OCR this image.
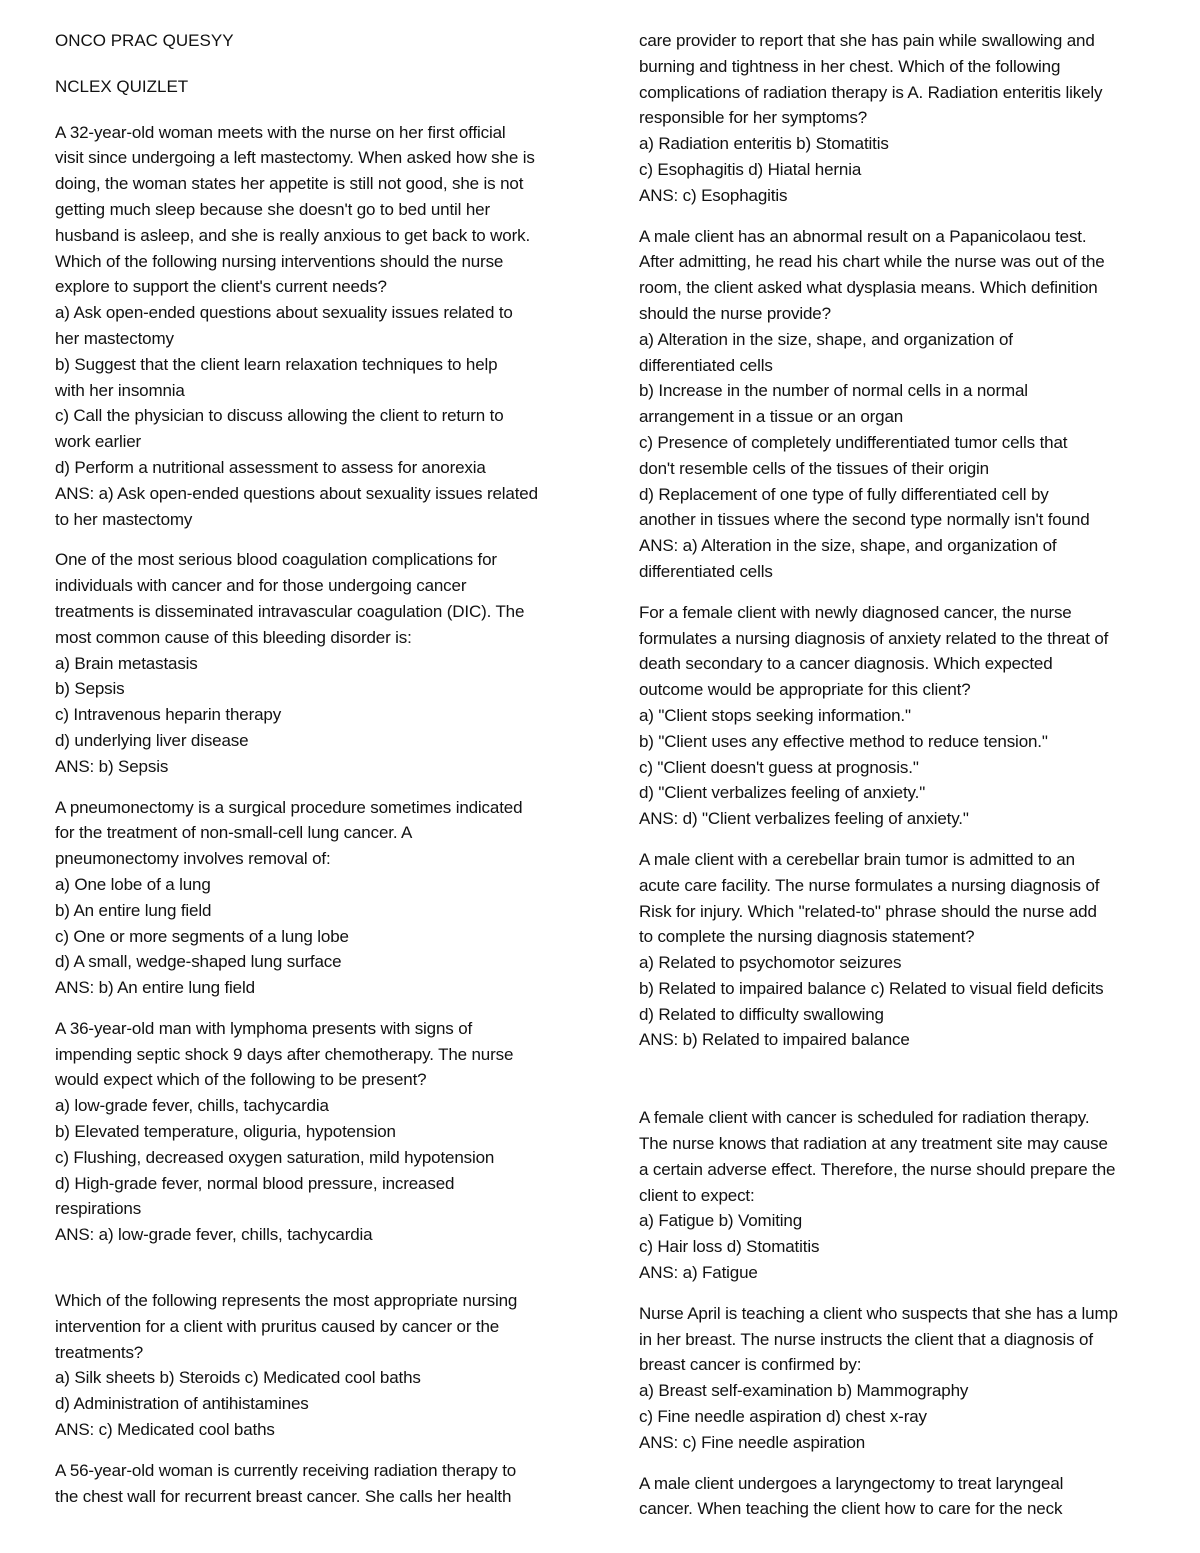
ONCO PRAC QUESYY
NCLEX QUIZLET
A 32-year-old woman meets with the nurse on her first official
visit since undergoing a left mastectomy. When asked how she is
doing, the woman states her appetite is still not good, she is not
getting much sleep because she doesn't go to bed until her
husband is asleep, and she is really anxious to get back to work.
Which of the following nursing interventions should the nurse
explore to support the client's current needs?
a) Ask open-ended questions about sexuality issues related to
her mastectomy
b) Suggest that the client learn relaxation techniques to help
with her insomnia
c) Call the physician to discuss allowing the client to return to
work earlier
d) Perform a nutritional assessment to assess for anorexia
ANS: a) Ask open-ended questions about sexuality issues related
to her mastectomy
One of the most serious blood coagulation complications for
individuals with cancer and for those undergoing cancer
treatments is disseminated intravascular coagulation (DIC). The
most common cause of this bleeding disorder is:
a) Brain metastasis
b) Sepsis
c) Intravenous heparin therapy
d) underlying liver disease
ANS: b) Sepsis
A pneumonectomy is a surgical procedure sometimes indicated
for the treatment of non-small-cell lung cancer. A
pneumonectomy involves removal of:
a) One lobe of a lung
b) An entire lung field
c) One or more segments of a lung lobe
d) A small, wedge-shaped lung surface
ANS: b) An entire lung field
A 36-year-old man with lymphoma presents with signs of
impending septic shock 9 days after chemotherapy. The nurse
would expect which of the following to be present?
a) low-grade fever, chills, tachycardia
b) Elevated temperature, oliguria, hypotension
c) Flushing, decreased oxygen saturation, mild hypotension
d) High-grade fever, normal blood pressure, increased
respirations
ANS: a) low-grade fever, chills, tachycardia
Which of the following represents the most appropriate nursing
intervention for a client with pruritus caused by cancer or the
treatments?
a) Silk sheets b) Steroids c) Medicated cool baths
d) Administration of antihistamines
ANS: c) Medicated cool baths
A 56-year-old woman is currently receiving radiation therapy to
the chest wall for recurrent breast cancer. She calls her health
care provider to report that she has pain while swallowing and
burning and tightness in her chest. Which of the following
complications of radiation therapy is A. Radiation enteritis likely
responsible for her symptoms?
a) Radiation enteritis b) Stomatitis
c) Esophagitis d) Hiatal hernia
ANS: c) Esophagitis
A male client has an abnormal result on a Papanicolaou test.
After admitting, he read his chart while the nurse was out of the
room, the client asked what dysplasia means. Which definition
should the nurse provide?
a) Alteration in the size, shape, and organization of
differentiated cells
b) Increase in the number of normal cells in a normal
arrangement in a tissue or an organ
c) Presence of completely undifferentiated tumor cells that
don't resemble cells of the tissues of their origin
d) Replacement of one type of fully differentiated cell by
another in tissues where the second type normally isn't found
ANS: a) Alteration in the size, shape, and organization of
differentiated cells
For a female client with newly diagnosed cancer, the nurse
formulates a nursing diagnosis of anxiety related to the threat of
death secondary to a cancer diagnosis. Which expected
outcome would be appropriate for this client?
a) "Client stops seeking information."
b) "Client uses any effective method to reduce tension."
c) "Client doesn't guess at prognosis."
d) "Client verbalizes feeling of anxiety."
ANS: d) "Client verbalizes feeling of anxiety."
A male client with a cerebellar brain tumor is admitted to an
acute care facility. The nurse formulates a nursing diagnosis of
Risk for injury. Which "related-to" phrase should the nurse add
to complete the nursing diagnosis statement?
a) Related to psychomotor seizures
b) Related to impaired balance c) Related to visual field deficits
d) Related to difficulty swallowing
ANS: b) Related to impaired balance
A female client with cancer is scheduled for radiation therapy.
The nurse knows that radiation at any treatment site may cause
a certain adverse effect. Therefore, the nurse should prepare the
client to expect:
a) Fatigue b) Vomiting
c) Hair loss d) Stomatitis
ANS: a) Fatigue
Nurse April is teaching a client who suspects that she has a lump
in her breast. The nurse instructs the client that a diagnosis of
breast cancer is confirmed by:
a) Breast self-examination b) Mammography
c) Fine needle aspiration d) chest x-ray
ANS: c) Fine needle aspiration
A male client undergoes a laryngectomy to treat laryngeal
cancer. When teaching the client how to care for the neck
